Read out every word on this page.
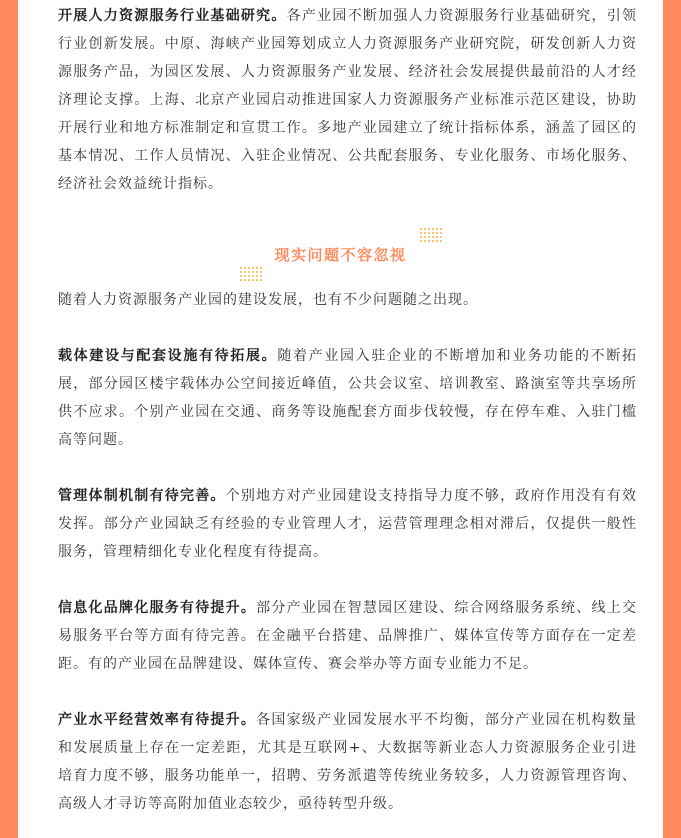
开展人力资源服务行业基础研究。各产业园不断加强人力资源服务行业基础研究，引领行业创新发展。中原、海峡产业园筹划成立人力资源服务产业研究院，研发创新人力资源服务产品，为园区发展、人力资源服务产业发展、经济社会发展提供最前沿的人才经济理论支撑。上海、北京产业园启动推进国家人力资源服务产业标准示范区建设，协助开展行业和地方标准制定和宣贯工作。多地产业园建立了统计指标体系，涵盖了园区的基本情况、工作人员情况、入驻企业情况、公共配套服务、专业化服务、市场化服务、经济社会效益统计指标。

现实问题不容忽视

随着人力资源服务产业园的建设发展，也有不少问题随之出现。

载体建设与配套设施有待拓展。随着产业园入驻企业的不断增加和业务功能的不断拓展，部分园区楼宇载体办公空间接近峰值，公共会议室、培训教室、路演室等共享场所供不应求。个别产业园在交通、商务等设施配套方面步伐较慢，存在停车难、入驻门槛高等问题。

管理体制机制有待完善。个别地方对产业园建设支持指导力度不够，政府作用没有有效发挥。部分产业园缺乏有经验的专业管理人才，运营管理理念相对滞后，仅提供一般性服务，管理精细化专业化程度有待提高。

信息化品牌化服务有待提升。部分产业园在智慧园区建设、综合网络服务系统、线上交易服务平台等方面有待完善。在金融平台搭建、品牌推广、媒体宣传等方面存在一定差距。有的产业园在品牌建设、媒体宣传、赛会举办等方面专业能力不足。

产业水平经营效率有待提升。各国家级产业园发展水平不均衡，部分产业园在机构数量和发展质量上存在一定差距，尤其是互联网+、大数据等新业态人力资源服务企业引进培育力度不够，服务功能单一，招聘、劳务派遣等传统业务较多，人力资源管理咨询、高级人才寻访等高附加值业态较少，亟待转型升级。
